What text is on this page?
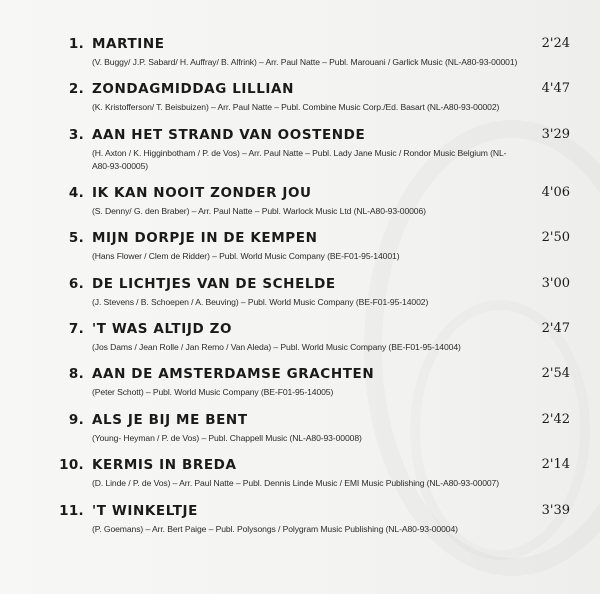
1. MARTINE	2'24
(V. Buggy/ J.P. Sabard/ H. Auffray/ B. Alfrink) – Arr. Paul Natte – Publ. Marouani / Garlick Music (NL-A80-93-00001)
2. ZONDAGMIDDAG LILLIAN	4'47
(K. Kristofferson/ T. Beisbuizen) – Arr. Paul Natte – Publ. Combine Music Corp./Ed. Basart (NL-A80-93-00002)
3. AAN HET STRAND VAN OOSTENDE	3'29
(H. Axton / K. Higginbotham / P. de Vos) – Arr. Paul Natte – Publ. Lady Jane Music / Rondor Music Belgium (NL-A80-93-00005)
4. IK KAN NOOIT ZONDER JOU	4'06
(S. Denny/ G. den Braber) – Arr. Paul Natte – Publ. Warlock Music Ltd (NL-A80-93-00006)
5. MIJN DORPJE IN DE KEMPEN	2'50
(Hans Flower / Clem de Ridder) – Publ. World Music Company (BE-F01-95-14001)
6. DE LICHTJES VAN DE SCHELDE	3'00
(J. Stevens / B. Schoepen / A. Beuving) – Publ. World Music Company (BE-F01-95-14002)
7. 'T WAS ALTIJD ZO	2'47
(Jos Dams / Jean Rolle / Jan Remo / Van Aleda) – Publ. World Music Company (BE-F01-95-14004)
8. AAN DE AMSTERDAMSE GRACHTEN	2'54
(Peter Schott) – Publ. World Music Company (BE-F01-95-14005)
9. ALS JE BIJ ME BENT	2'42
(Young- Heyman / P. de Vos) – Publ. Chappell Music (NL-A80-93-00008)
10. KERMIS IN BREDA	2'14
(D. Linde / P. de Vos) – Arr. Paul Natte – Publ. Dennis Linde Music / EMI Music Publishing (NL-A80-93-00007)
11. 'T WINKELTJE	3'39
(P. Goemans) – Arr. Bert Paige – Publ. Polysongs / Polygram Music Publishing (NL-A80-93-00004)
